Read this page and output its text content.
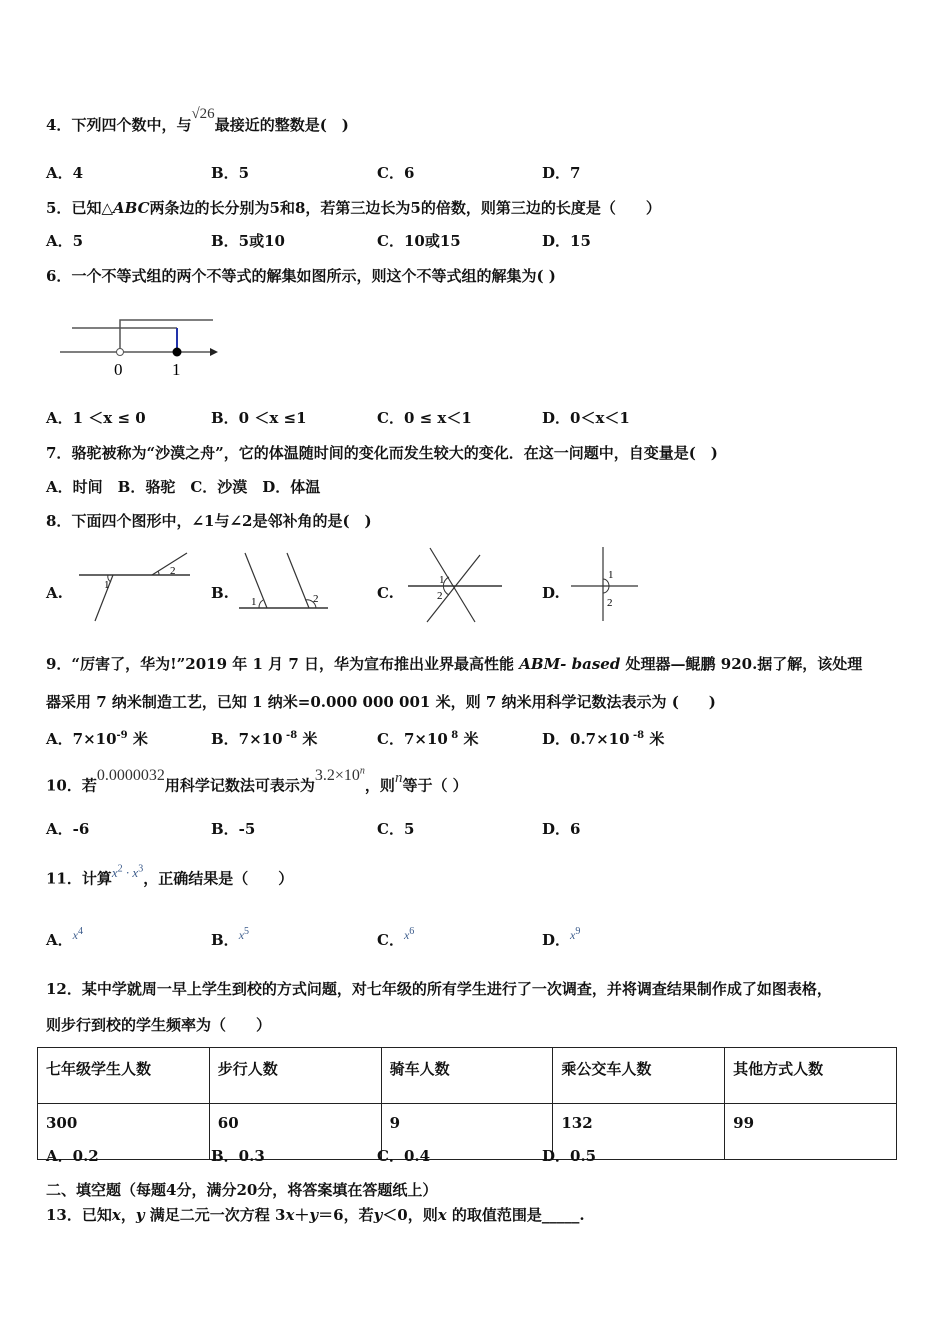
4．下列四个数中，与√26最接近的整数是(　)
A．4	B．5	C．6	D．7
5．已知△ABC两条边的长分别为5和8，若第三边长为5的倍数，则第三边的长度是（　　）
A．5	B．5或10	C．10或15	D．15
6．一个不等式组的两个不等式的解集如图所示，则这个不等式组的解集为( )
0	1
A．1 ＜x ≤ 0	B．0 ＜x ≤1	C．0 ≤ x＜1	D．0＜x＜1
7．骆驼被称为“沙漠之舟”，它的体温随时间的变化而发生较大的变化．在这一问题中，自变量是(　)
A．时间　B．骆驼　C．沙漠　D．体温
8．下面四个图形中，∠1与∠2是邻补角的是(　)
A.	B.	C.	D.
1
2
1	2
1
2
1
2
9．“厉害了，华为!”2019 年 1 月 7 日，华为宣布推出业界最高性能 ABM- based 处理器—鲲鹏 920.据了解，该处理
器采用 7 纳米制造工艺，已知 1 纳米=0.000 000 001 米，则 7 纳米用科学记数法表示为 (　　)
A．$7\times 10^{-9}$ 米	B．7×10 $^{-8}$ 米	C．7×10 $^8$ 米	D．0.7×10 $^{-8}$ 米
10．若0.0000032用科学记数法可表示为$3.2\times 10^n$，则n等于（ ）
A．-6	B．-5	C．5	D．6
11．计算$x^2 \cdot x^3$，正确结果是（　　）
A．$^{x^4}$	B．$^{x^5}$	C．$^{x^6}$	D．$^{x^9}$
12．某中学就周一早上学生到校的方式问题，对七年级的所有学生进行了一次调查，并将调查结果制作成了如图表格，
则步行到校的学生频率为（　　）
七年级学生人数	步行人数	骑车人数	乘公交车人数	其他方式人数
300	60	9	132	99
A．0.2	B．0.3	C．0.4	D．0.5
二、填空题（每题4分，满分20分，将答案填在答题纸上）
13．已知x，y 满足二元一次方程 3x＋y＝6，若y＜0，则x 的取值范围是_____.
